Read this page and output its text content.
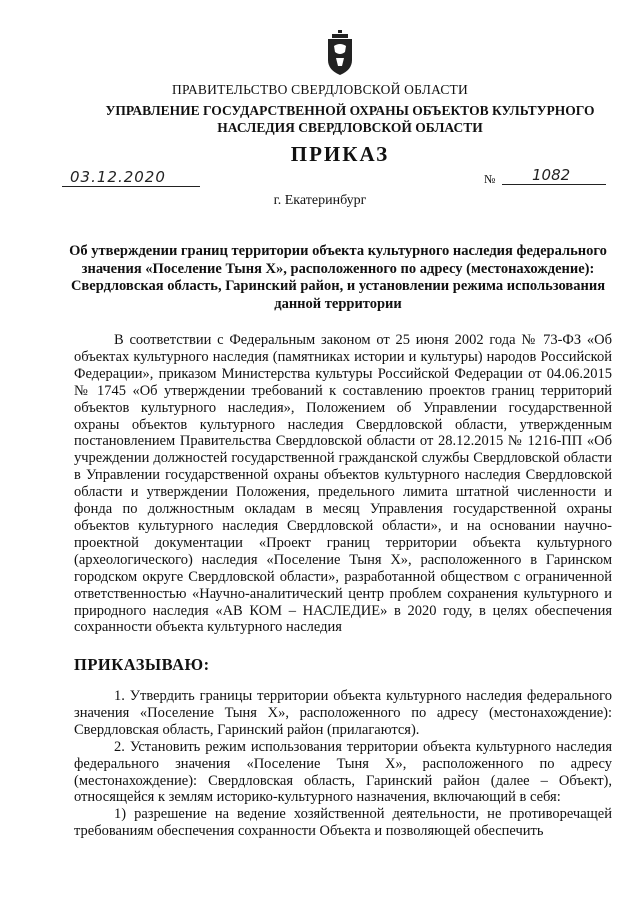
ПРАВИТЕЛЬСТВО СВЕРДЛОВСКОЙ ОБЛАСТИ
УПРАВЛЕНИЕ ГОСУДАРСТВЕННОЙ ОХРАНЫ ОБЪЕКТОВ КУЛЬТУРНОГО НАСЛЕДИЯ СВЕРДЛОВСКОЙ ОБЛАСТИ
ПРИКАЗ
03.12.2020	№	1082
г. Екатеринбург
Об утверждении границ территории объекта культурного наследия федерального значения «Поселение Тыня Х», расположенного по адресу (местонахождение): Свердловская область, Гаринский район, и установлении режима использования данной территории

В соответствии с Федеральным законом от 25 июня 2002 года № 73-ФЗ «Об объектах культурного наследия (памятниках истории и культуры) народов Российской Федерации», приказом Министерства культуры Российской Федерации от 04.06.2015 № 1745 «Об утверждении требований к составлению проектов границ территорий объектов культурного наследия», Положением об Управлении государственной охраны объектов культурного наследия Свердловской области, утвержденным постановлением Правительства Свердловской области от 28.12.2015 № 1216-ПП «Об учреждении должностей государственной гражданской службы Свердловской области в Управлении государственной охраны объектов культурного наследия Свердловской области и утверждении Положения, предельного лимита штатной численности и фонда по должностным окладам в месяц Управления государственной охраны объектов культурного наследия Свердловской области», и на основании научно-проектной документации «Проект границ территории объекта культурного (археологического) наследия «Поселение Тыня Х», расположенного в Гаринском городском округе Свердловской области», разработанной обществом с ограниченной ответственностью «Научно-аналитический центр проблем сохранения культурного и природного наследия «АВ КОМ – НАСЛЕДИЕ» в 2020 году, в целях обеспечения сохранности объекта культурного наследия

ПРИКАЗЫВАЮ:

1. Утвердить границы территории объекта культурного наследия федерального значения «Поселение Тыня Х», расположенного по адресу (местонахождение): Свердловская область, Гаринский район (прилагаются).

2. Установить режим использования территории объекта культурного наследия федерального значения «Поселение Тыня Х», расположенного по адресу (местонахождение): Свердловская область, Гаринский район (далее – Объект), относящейся к землям историко-культурного назначения, включающий в себя:

1) разрешение на ведение хозяйственной деятельности, не противоречащей требованиям обеспечения сохранности Объекта и позволяющей обеспечить
